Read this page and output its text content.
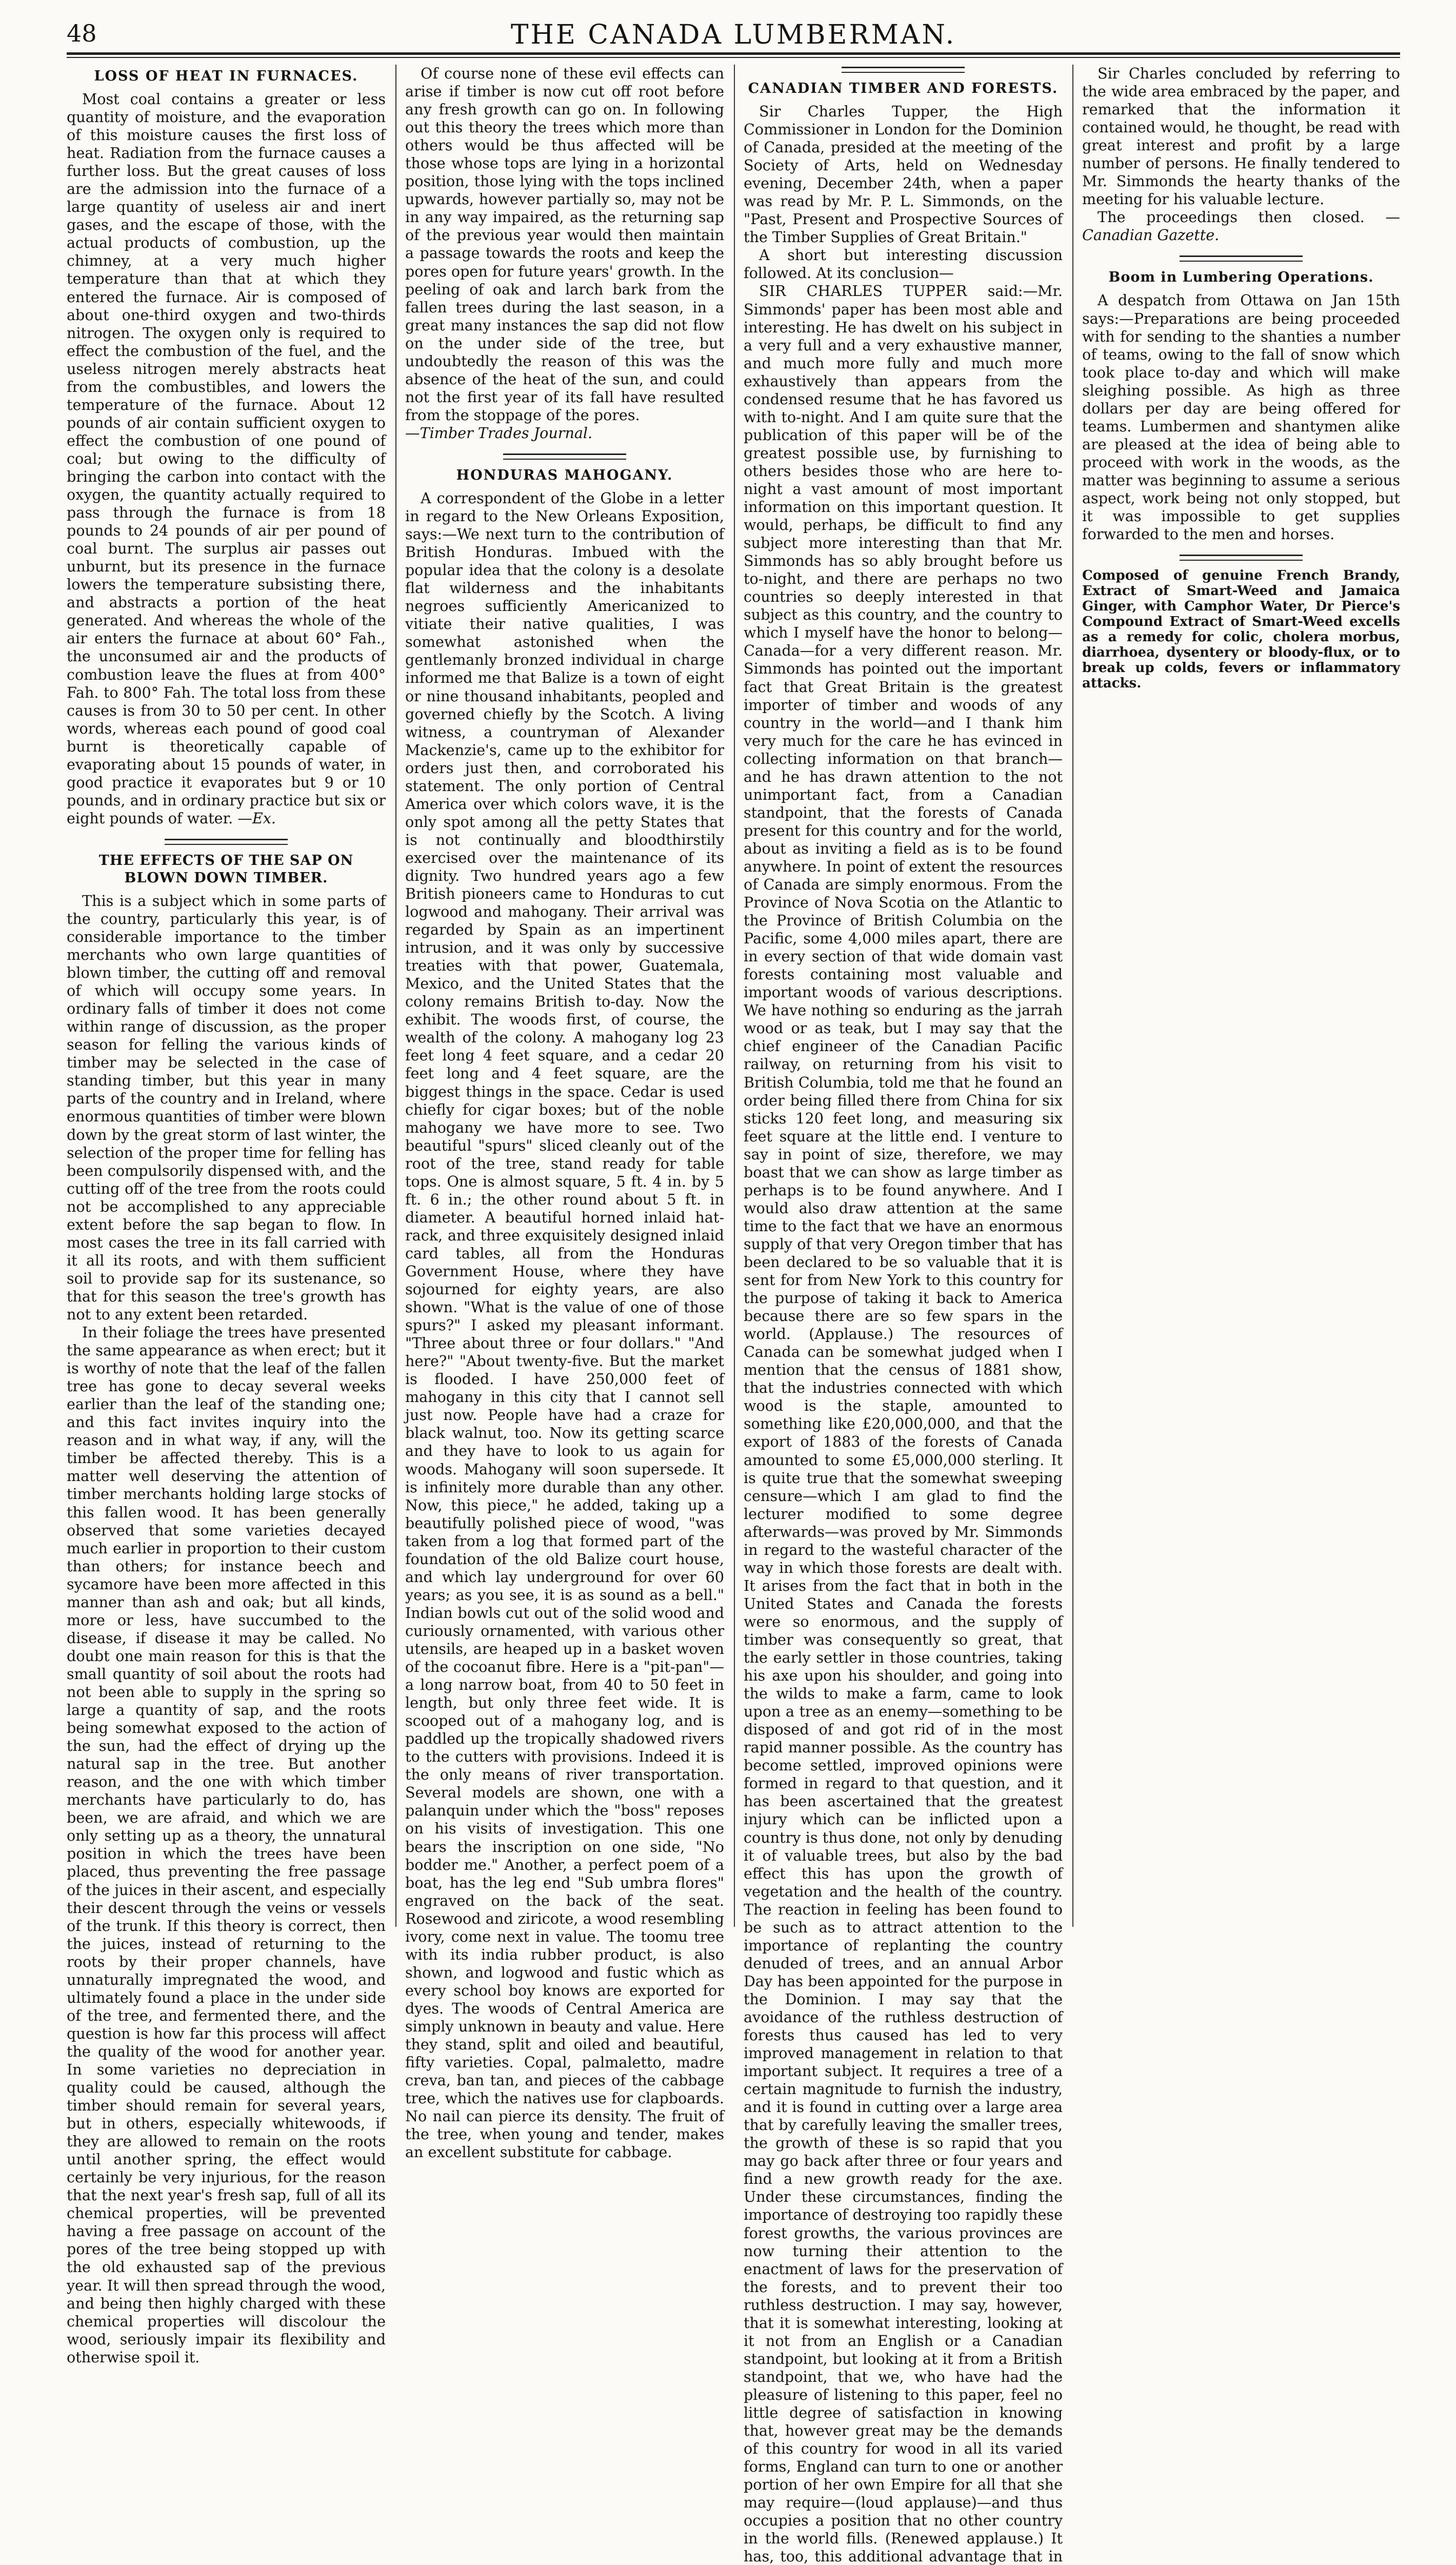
48	THE CANADA LUMBERMAN.
LOSS OF HEAT IN FURNACES.

Most coal contains a greater or less quantity of moisture, and the evaporation of this moisture causes the first loss of heat. Radiation from the furnace causes a further loss. But the great causes of loss are the admission into the furnace of a large quantity of useless air and inert gases, and the escape of those, with the actual products of combustion, up the chimney, at a very much higher temperature than that at which they entered the furnace. Air is composed of about one-third oxygen and two-thirds nitrogen. The oxygen only is required to effect the combustion of the fuel, and the useless nitrogen merely abstracts heat from the combustibles, and lowers the temperature of the furnace. About 12 pounds of air contain sufficient oxygen to effect the combustion of one pound of coal; but owing to the difficulty of bringing the carbon into contact with the oxygen, the quantity actually required to pass through the furnace is from 18 pounds to 24 pounds of air per pound of coal burnt. The surplus air passes out unburnt, but its presence in the furnace lowers the temperature subsisting there, and abstracts a portion of the heat generated. And whereas the whole of the air enters the furnace at about 60° Fah., the unconsumed air and the products of combustion leave the flues at from 400° Fah. to 800° Fah. The total loss from these causes is from 30 to 50 per cent. In other words, whereas each pound of good coal burnt is theoretically capable of evaporating about 15 pounds of water, in good practice it evaporates but 9 or 10 pounds, and in ordinary practice but six or eight pounds of water. —Ex.

THE EFFECTS OF THE SAP ON BLOWN DOWN TIMBER.

This is a subject which in some parts of the country, particularly this year, is of considerable importance to the timber merchants who own large quantities of blown timber, the cutting off and removal of which will occupy some years. In ordinary falls of timber it does not come within range of discussion, as the proper season for felling the various kinds of timber may be selected in the case of standing timber, but this year in many parts of the country and in Ireland, where enormous quantities of timber were blown down by the great storm of last winter, the selection of the proper time for felling has been compulsorily dispensed with, and the cutting off of the tree from the roots could not be accomplished to any appreciable extent before the sap began to flow. In most cases the tree in its fall carried with it all its roots, and with them sufficient soil to provide sap for its sustenance, so that for this season the tree's growth has not to any extent been retarded.

In their foliage the trees have presented the same appearance as when erect; but it is worthy of note that the leaf of the fallen tree has gone to decay several weeks earlier than the leaf of the standing one; and this fact invites inquiry into the reason and in what way, if any, will the timber be affected thereby. This is a matter well deserving the attention of timber merchants holding large stocks of this fallen wood. It has been generally observed that some varieties decayed much earlier in proportion to their custom than others; for instance beech and sycamore have been more affected in this manner than ash and oak; but all kinds, more or less, have succumbed to the disease, if disease it may be called. No doubt one main reason for this is that the small quantity of soil about the roots had not been able to supply in the spring so large a quantity of sap, and the roots being somewhat exposed to the action of the sun, had the effect of drying up the natural sap in the tree. But another reason, and the one with which timber merchants have particularly to do, has been, we are afraid, and which we are only setting up as a theory, the unnatural position in which the trees have been placed, thus preventing the free passage of the juices in their ascent, and especially their descent through the veins or vessels of the trunk. If this theory is correct, then the juices, instead of returning to the roots by their proper channels, have unnaturally impregnated the wood, and ultimately found a place in the under side of the tree, and fermented there, and the question is how far this process will affect the quality of the wood for another year. In some varieties no depreciation in quality could be caused, although the timber should remain for several years, but in others, especially whitewoods, if they are allowed to remain on the roots until another spring, the effect would certainly be very injurious, for the reason that the next year's fresh sap, full of all its chemical properties, will be prevented having a free passage on account of the pores of the tree being stopped up with the old exhausted sap of the previous year. It will then spread through the wood, and being then highly charged with these chemical properties will discolour the wood, seriously impair its flexibility and otherwise spoil it.

Of course none of these evil effects can arise if timber is now cut off root before any fresh growth can go on. In following out this theory the trees which more than others would be thus affected will be those whose tops are lying in a horizontal position, those lying with the tops inclined upwards, however partially so, may not be in any way impaired, as the returning sap of the previous year would then maintain a passage towards the roots and keep the pores open for future years' growth. In the peeling of oak and larch bark from the fallen trees during the last season, in a great many instances the sap did not flow on the under side of the tree, but undoubtedly the reason of this was the absence of the heat of the sun, and could not the first year of its fall have resulted from the stoppage of the pores.

—Timber Trades Journal.

HONDURAS MAHOGANY.

A correspondent of the Globe in a letter in regard to the New Orleans Exposition, says:—We next turn to the contribution of British Honduras. Imbued with the popular idea that the colony is a desolate flat wilderness and the inhabitants negroes sufficiently Americanized to vitiate their native qualities, I was somewhat astonished when the gentlemanly bronzed individual in charge informed me that Balize is a town of eight or nine thousand inhabitants, peopled and governed chiefly by the Scotch. A living witness, a countryman of Alexander Mackenzie's, came up to the exhibitor for orders just then, and corroborated his statement. The only portion of Central America over which colors wave, it is the only spot among all the petty States that is not continually and bloodthirstily exercised over the maintenance of its dignity. Two hundred years ago a few British pioneers came to Honduras to cut logwood and mahogany. Their arrival was regarded by Spain as an impertinent intrusion, and it was only by successive treaties with that power, Guatemala, Mexico, and the United States that the colony remains British to-day. Now the exhibit. The woods first, of course, the wealth of the colony. A mahogany log 23 feet long 4 feet square, and a cedar 20 feet long and 4 feet square, are the biggest things in the space. Cedar is used chiefly for cigar boxes; but of the noble mahogany we have more to see. Two beautiful "spurs" sliced cleanly out of the root of the tree, stand ready for table tops. One is almost square, 5 ft. 4 in. by 5 ft. 6 in.; the other round about 5 ft. in diameter. A beautiful horned inlaid hat-rack, and three exquisitely designed inlaid card tables, all from the Honduras Government House, where they have sojourned for eighty years, are also shown. "What is the value of one of those spurs?" I asked my pleasant informant. "Three about three or four dollars." "And here?" "About twenty-five. But the market is flooded. I have 250,000 feet of mahogany in this city that I cannot sell just now. People have had a craze for black walnut, too. Now its getting scarce and they have to look to us again for woods. Mahogany will soon supersede. It is infinitely more durable than any other. Now, this piece," he added, taking up a beautifully polished piece of wood, "was taken from a log that formed part of the foundation of the old Balize court house, and which lay underground for over 60 years; as you see, it is as sound as a bell." Indian bowls cut out of the solid wood and curiously ornamented, with various other utensils, are heaped up in a basket woven of the cocoanut fibre. Here is a "pit-pan"—a long narrow boat, from 40 to 50 feet in length, but only three feet wide. It is scooped out of a mahogany log, and is paddled up the tropically shadowed rivers to the cutters with provisions. Indeed it is the only means of river transportation. Several models are shown, one with a palanquin under which the "boss" reposes on his visits of investigation. This one bears the inscription on one side, "No bodder me." Another, a perfect poem of a boat, has the leg end "Sub umbra flores" engraved on the back of the seat. Rosewood and ziricote, a wood resembling ivory, come next in value. The toomu tree with its india rubber product, is also shown, and logwood and fustic which as every school boy knows are exported for dyes. The woods of Central America are simply unknown in beauty and value. Here they stand, split and oiled and beautiful, fifty varieties. Copal, palmaletto, madre creva, ban tan, and pieces of the cabbage tree, which the natives use for clapboards. No nail can pierce its density. The fruit of the tree, when young and tender, makes an excellent substitute for cabbage.

CANADIAN TIMBER AND FORESTS.

Sir Charles Tupper, the High Commissioner in London for the Dominion of Canada, presided at the meeting of the Society of Arts, held on Wednesday evening, December 24th, when a paper was read by Mr. P. L. Simmonds, on the "Past, Present and Prospective Sources of the Timber Supplies of Great Britain."

A short but interesting discussion followed. At its conclusion—

SIR CHARLES TUPPER said:—Mr. Simmonds' paper has been most able and interesting. He has dwelt on his subject in a very full and a very exhaustive manner, and much more fully and much more exhaustively than appears from the condensed resume that he has favored us with to-night. And I am quite sure that the publication of this paper will be of the greatest possible use, by furnishing to others besides those who are here to-night a vast amount of most important information on this important question. It would, perhaps, be difficult to find any subject more interesting than that Mr. Simmonds has so ably brought before us to-night, and there are perhaps no two countries so deeply interested in that subject as this country, and the country to which I myself have the honor to belong—Canada—for a very different reason. Mr. Simmonds has pointed out the important fact that Great Britain is the greatest importer of timber and woods of any country in the world—and I thank him very much for the care he has evinced in collecting information on that branch—and he has drawn attention to the not unimportant fact, from a Canadian standpoint, that the forests of Canada present for this country and for the world, about as inviting a field as is to be found anywhere. In point of extent the resources of Canada are simply enormous. From the Province of Nova Scotia on the Atlantic to the Province of British Columbia on the Pacific, some 4,000 miles apart, there are in every section of that wide domain vast forests containing most valuable and important woods of various descriptions. We have nothing so enduring as the jarrah wood or as teak, but I may say that the chief engineer of the Canadian Pacific railway, on returning from his visit to British Columbia, told me that he found an order being filled there from China for six sticks 120 feet long, and measuring six feet square at the little end. I venture to say in point of size, therefore, we may boast that we can show as large timber as perhaps is to be found anywhere. And I would also draw attention at the same time to the fact that we have an enormous supply of that very Oregon timber that has been declared to be so valuable that it is sent for from New York to this country for the purpose of taking it back to America because there are so few spars in the world. (Applause.) The resources of Canada can be somewhat judged when I mention that the census of 1881 show, that the industries connected with which wood is the staple, amounted to something like £20,000,000, and that the export of 1883 of the forests of Canada amounted to some £5,000,000 sterling. It is quite true that the somewhat sweeping censure—which I am glad to find the lecturer modified to some degree afterwards—was proved by Mr. Simmonds in regard to the wasteful character of the way in which those forests are dealt with. It arises from the fact that in both in the United States and Canada the forests were so enormous, and the supply of timber was consequently so great, that the early settler in those countries, taking his axe upon his shoulder, and going into the wilds to make a farm, came to look upon a tree as an enemy—something to be disposed of and got rid of in the most rapid manner possible. As the country has become settled, improved opinions were formed in regard to that question, and it has been ascertained that the greatest injury which can be inflicted upon a country is thus done, not only by denuding it of valuable trees, but also by the bad effect this has upon the growth of vegetation and the health of the country. The reaction in feeling has been found to be such as to attract attention to the importance of replanting the country denuded of trees, and an annual Arbor Day has been appointed for the purpose in the Dominion. I may say that the avoidance of the ruthless destruction of forests thus caused has led to very improved management in relation to that important subject. It requires a tree of a certain magnitude to furnish the industry, and it is found in cutting over a large area that by carefully leaving the smaller trees, the growth of these is so rapid that you may go back after three or four years and find a new growth ready for the axe. Under these circumstances, finding the importance of destroying too rapidly these forest growths, the various provinces are now turning their attention to the enactment of laws for the preservation of the forests, and to prevent their too ruthless destruction. I may say, however, that it is somewhat interesting, looking at it not from an English or a Canadian standpoint, but looking at it from a British standpoint, that we, who have had the pleasure of listening to this paper, feel no little degree of satisfaction in knowing that, however great may be the demands of this country for wood in all its varied forms, England can turn to one or another portion of her own Empire for all that she may require—(loud applause)—and thus occupies a position that no other country in the world fills. (Renewed applause.) It has, too, this additional advantage that in

Sir Charles concluded by referring to the wide area embraced by the paper, and remarked that the information it contained would, he thought, be read with great interest and profit by a large number of persons. He finally tendered to Mr. Simmonds the hearty thanks of the meeting for his valuable lecture.

The proceedings then closed. —Canadian Gazette.

Boom in Lumbering Operations.

A despatch from Ottawa on Jan 15th says:—Preparations are being proceeded with for sending to the shanties a number of teams, owing to the fall of snow which took place to-day and which will make sleighing possible. As high as three dollars per day are being offered for teams. Lumbermen and shantymen alike are pleased at the idea of being able to proceed with work in the woods, as the matter was beginning to assume a serious aspect, work being not only stopped, but it was impossible to get supplies forwarded to the men and horses.

Composed of genuine French Brandy, Extract of Smart-Weed and Jamaica Ginger, with Camphor Water, Dr Pierce's Compound Extract of Smart-Weed excells as a remedy for colic, cholera morbus, diarrhoea, dysentery or bloody-flux, or to break up colds, fevers or inflammatory attacks.
